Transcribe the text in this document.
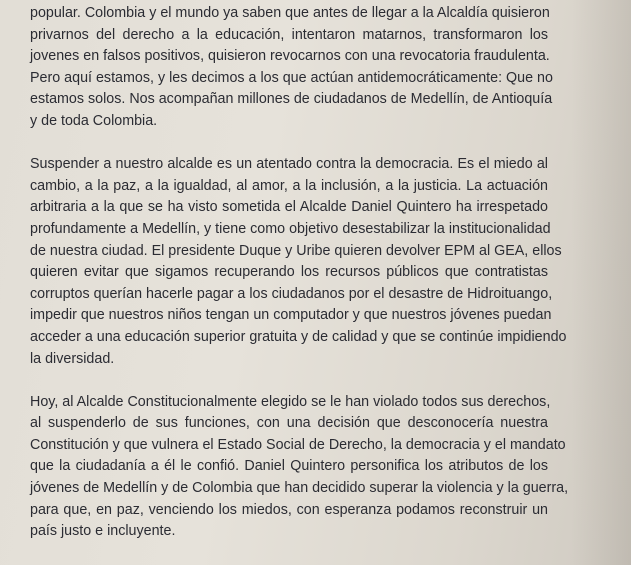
popular. Colombia y el mundo ya saben que antes de llegar a la Alcaldía quisieron
privarnos del derecho a la educación, intentaron matarnos, transformaron los
jovenes en falsos positivos, quisieron revocarnos con una revocatoria fraudulenta.
Pero aquí estamos, y les decimos a los que actúan antidemocráticamente: Que no
estamos solos. Nos acompañan millones de ciudadanos de Medellín, de Antioquía
y de toda Colombia.
Suspender a nuestro alcalde es un atentado contra la democracia. Es el miedo al
cambio, a la paz, a la igualdad, al amor, a la inclusión, a la justicia. La actuación
arbitraria a la que se ha visto sometida el Alcalde Daniel Quintero ha irrespetado
profundamente a Medellín, y tiene como objetivo desestabilizar la institucionalidad
de nuestra ciudad. El presidente Duque y Uribe quieren devolver EPM al GEA, ellos
quieren evitar que sigamos recuperando los recursos públicos que contratistas
corruptos querían hacerle pagar a los ciudadanos por el desastre de Hidroituango,
impedir que nuestros niños tengan un computador y que nuestros jóvenes puedan
acceder a una educación superior gratuita y de calidad y que se continúe impidiendo
la diversidad.
Hoy, al Alcalde Constitucionalmente elegido se le han violado todos sus derechos,
al suspenderlo de sus funciones, con una decisión que desconocería nuestra
Constitución y que vulnera el Estado Social de Derecho, la democracia y el mandato
que la ciudadanía a él le confió. Daniel Quintero personifica los atributos de los
jóvenes de Medellín y de Colombia que han decidido superar la violencia y la guerra,
para que, en paz, venciendo los miedos, con esperanza podamos reconstruir un
país justo e incluyente.
